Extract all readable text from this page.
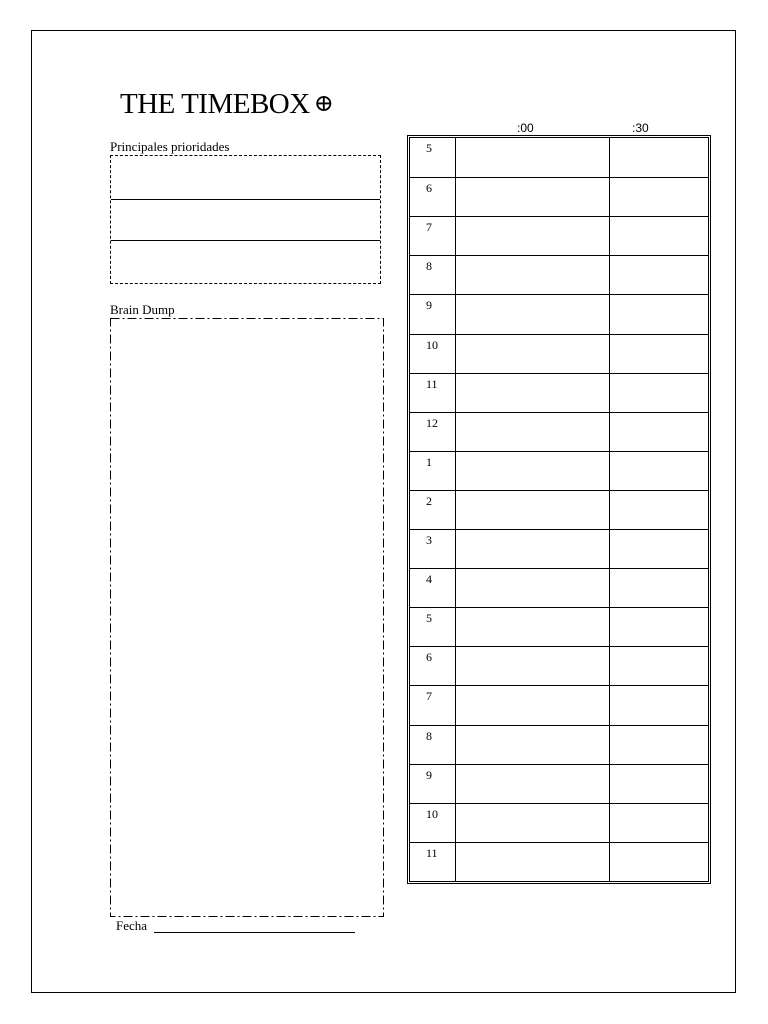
THE TIMEBOX ⊕
Principales prioridades
Brain Dump
Fecha
:00	:30
5
6
7
8
9
10
11
12
1
2
3
4
5
6
7
8
9
10
11
